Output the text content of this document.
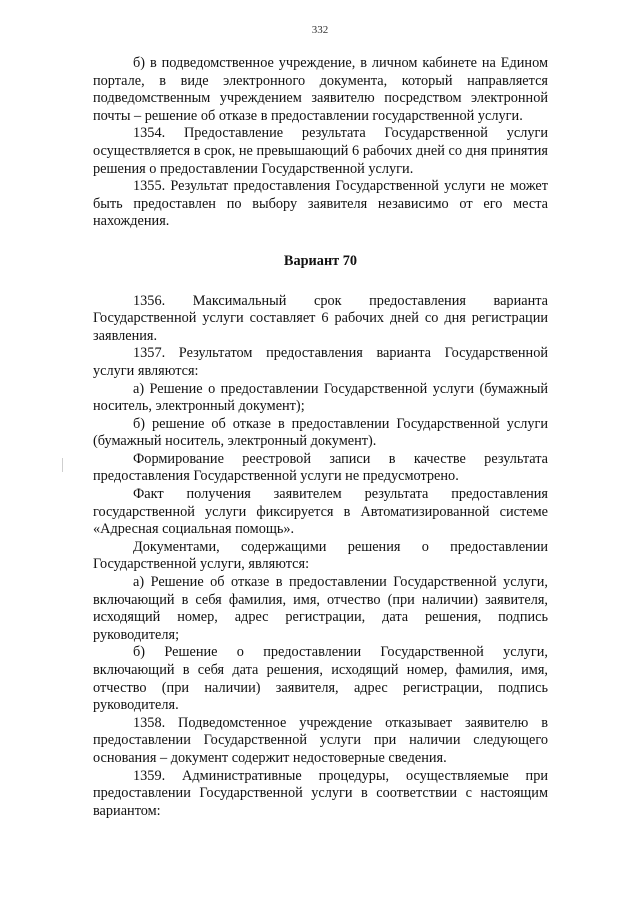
332

б) в подведомственное учреждение, в личном кабинете на Едином портале, в виде электронного документа, который направляется подведомственным учреждением заявителю посредством электронной почты – решение об отказе в предоставлении государственной услуги.

1354. Предоставление результата Государственной услуги осуществляется в срок, не превышающий 6 рабочих дней со дня принятия решения о предоставлении Государственной услуги.

1355. Результат предоставления Государственной услуги не может быть предоставлен по выбору заявителя независимо от его места нахождения.

Вариант 70

1356. Максимальный срок предоставления варианта Государственной услуги составляет 6 рабочих дней со дня регистрации заявления.

1357. Результатом предоставления варианта Государственной услуги являются:

а) Решение о предоставлении Государственной услуги (бумажный носитель, электронный документ);

б) решение об отказе в предоставлении Государственной услуги (бумажный носитель, электронный документ).

Формирование реестровой записи в качестве результата предоставления Государственной услуги не предусмотрено.

Факт получения заявителем результата предоставления государственной услуги фиксируется в Автоматизированной системе «Адресная социальная помощь».

Документами, содержащими решения о предоставлении Государственной услуги, являются:

а) Решение об отказе в предоставлении Государственной услуги, включающий в себя фамилия, имя, отчество (при наличии) заявителя, исходящий номер, адрес регистрации, дата решения, подпись руководителя;

б) Решение о предоставлении Государственной услуги, включающий в себя дата решения, исходящий номер, фамилия, имя, отчество (при наличии) заявителя, адрес регистрации, подпись руководителя.

1358. Подведомстенное учреждение отказывает заявителю в предоставлении Государственной услуги при наличии следующего основания – документ содержит недостоверные сведения.

1359. Административные процедуры, осуществляемые при предоставлении Государственной услуги в соответствии с настоящим вариантом:
